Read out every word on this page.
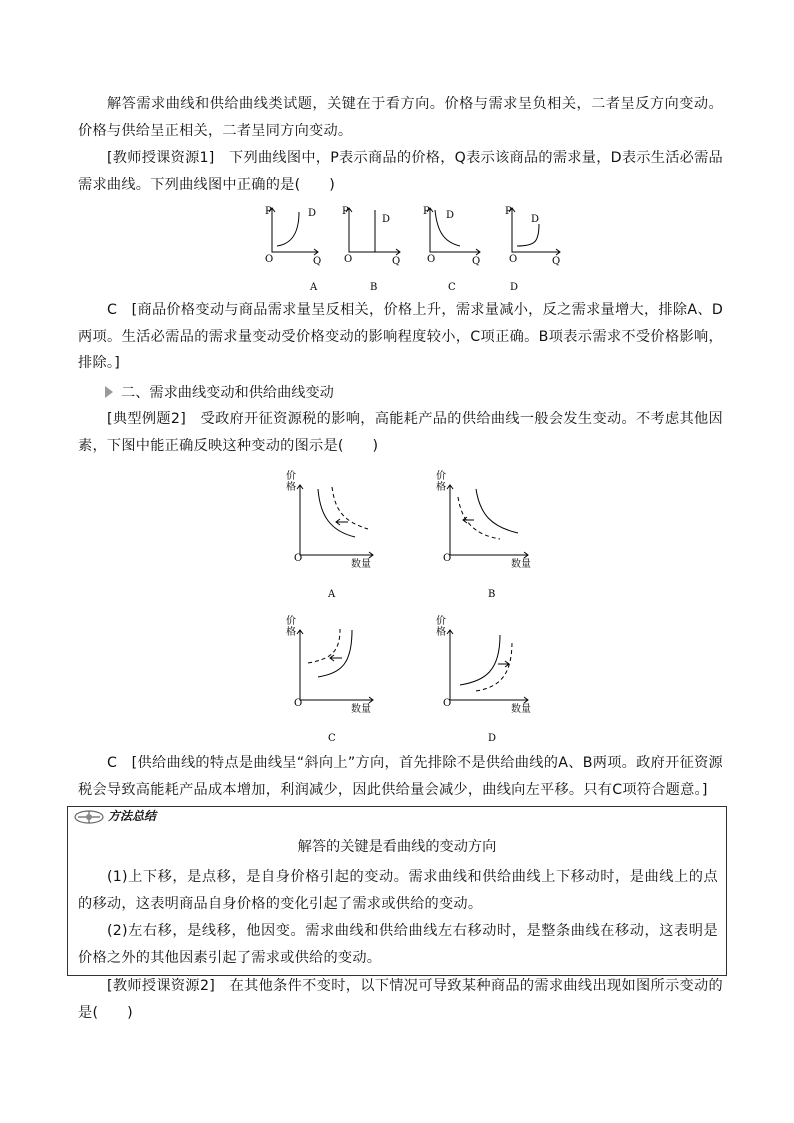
解答需求曲线和供给曲线类试题，关键在于看方向。价格与需求呈负相关，二者呈反方向变动。价格与供给呈正相关，二者呈同方向变动。

[教师授课资源1]　下列曲线图中，P表示商品的价格，Q表示该商品的需求量，D表示生活必需品需求曲线。下列曲线图中正确的是(　　)

P	D
O	Q
A
P
D
O	Q
B
P D
O	Q
C
P
D
O	Q
D

C　[商品价格变动与商品需求量呈反相关，价格上升，需求量减小，反之需求量增大，排除A、D两项。生活必需品的需求量变动受价格变动的影响程度较小，C项正确。B项表示需求不受价格影响，排除。]

二、需求曲线变动和供给曲线变动

[典型例题2]　受政府开征资源税的影响，高能耗产品的供给曲线一般会发生变动。不考虑其他因素，下图中能正确反映这种变动的图示是(　　)

价
格
O
数量
A
价
格
O
数量
B
价
格
O
数量
C
价
格
O
数量
D

C　[供给曲线的特点是曲线呈“斜向上”方向，首先排除不是供给曲线的A、B两项。政府开征资源税会导致高能耗产品成本增加，利润减少，因此供给量会减少，曲线向左平移。只有C项符合题意。]

方法总结
解答的关键是看曲线的变动方向

(1)上下移，是点移，是自身价格引起的变动。需求曲线和供给曲线上下移动时，是曲线上的点的移动，这表明商品自身价格的变化引起了需求或供给的变动。

(2)左右移，是线移，他因变。需求曲线和供给曲线左右移动时，是整条曲线在移动，这表明是价格之外的其他因素引起了需求或供给的变动。

[教师授课资源2]　在其他条件不变时，以下情况可导致某种商品的需求曲线出现如图所示变动的是(　　)
